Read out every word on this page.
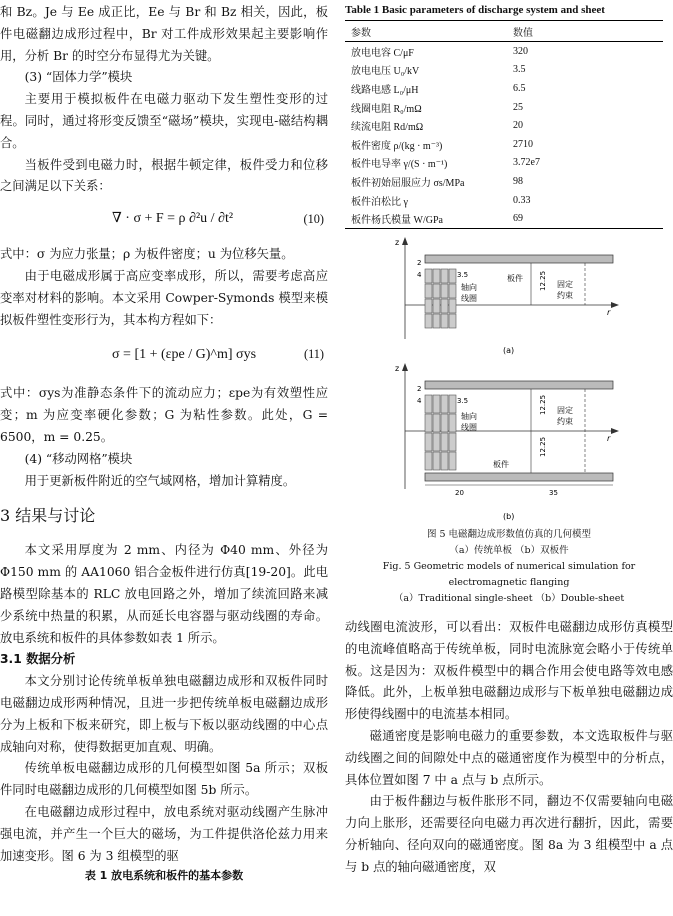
和 Bz。Je 与 Ee 成正比，Ee 与 Br 和 Bz 相关，因此，板件电磁翻边成形过程中，Br 对工件成形效果起主要影响作用，分析 Br 的时空分布显得尤为关键。

(3) “固体力学”模块

主要用于模拟板件在电磁力驱动下发生塑性变形的过程。同时，通过将形变反馈至“磁场”模块，实现电-磁结构耦合。

当板件受到电磁力时，根据牛顿定律，板件受力和位移之间满足以下关系：

∇ · σ + F = ρ ∂²u / ∂t²	(10)

式中：σ 为应力张量；ρ 为板件密度；u 为位移矢量。

由于电磁成形属于高应变率成形，所以，需要考虑高应变率对材料的影响。本文采用 Cowper-Symonds 模型来模拟板件塑性变形行为，其本构方程如下：

σ = [1 + (εpe / G)^m] σys	(11)

式中：σys为准静态条件下的流动应力；εpe为有效塑性应变；m 为应变率硬化参数；G 为粘性参数。此处，G = 6500，m = 0.25。

(4) “移动网格”模块

用于更新板件附近的空气域网格，增加计算精度。

3 结果与讨论

本文采用厚度为 2 mm、内径为 Φ40 mm、外径为 Φ150 mm 的 AA1060 铝合金板件进行仿真[19-20]。此电路模型除基本的 RLC 放电回路之外，增加了续流回路来减少系统中热量的积累，从而延长电容器与驱动线圈的寿命。放电系统和板件的具体参数如表 1 所示。

3.1 数据分析

本文分别讨论传统单板单独电磁翻边成形和双板件同时电磁翻边成形两种情况，且进一步把传统单板电磁翻边成形分为上板和下板来研究，即上板与下板以驱动线圈的中心点成轴向对称，使得数据更加直观、明确。

传统单板电磁翻边成形的几何模型如图 5a 所示；双板件同时电磁翻边成形的几何模型如图 5b 所示。

在电磁翻边成形过程中，放电系统对驱动线圈产生脉冲强电流，并产生一个巨大的磁场，为工件提供洛伦兹力用来加速变形。图 6 为 3 组模型的驱

表 1 放电系统和板件的基本参数
Table 1 Basic parameters of discharge system and sheet
参数	数值
放电电容 C/μF	320
放电电压 U₀/kV	3.5
线路电感 L₀/μH	6.5
线圈电阻 R₀/mΩ	25
续流电阻 Rd/mΩ	20
板件密度 ρ/(kg · m⁻³)	2710
板件电导率 γ/(S · m⁻¹)	3.72e7
板件初始屈服应力 σs/MPa	98
板件泊松比 γ	0.33
板件杨氏模量 W/GPa	69
z
r
2
4	3.5
轴向
线圈
板件 12.25 固定
约束
(a)
z
r
2
4	3.5
轴向
线圈
12.25
12.25
固定
约束
板件
20	35
(b)
图 5 电磁翻边成形数值仿真的几何模型
（a）传统单板 （b）双板件
Fig. 5 Geometric models of numerical simulation for
electromagnetic flanging
（a）Traditional single-sheet （b）Double-sheet

动线圈电流波形，可以看出：双板件电磁翻边成形仿真模型的电流峰值略高于传统单板，同时电流脉宽会略小于传统单板。这是因为：双板件模型中的耦合作用会使电路等效电感降低。此外，上板单独电磁翻边成形与下板单独电磁翻边成形使得线圈中的电流基本相同。

磁通密度是影响电磁力的重要参数，本文选取板件与驱动线圈之间的间隙处中点的磁通密度作为模型中的分析点，具体位置如图 7 中 a 点与 b 点所示。

由于板件翻边与板件胀形不同，翻边不仅需要轴向电磁力向上胀形，还需要径向电磁力再次进行翻折，因此，需要分析轴向、径向双向的磁通密度。图 8a 为 3 组模型中 a 点与 b 点的轴向磁通密度，双
